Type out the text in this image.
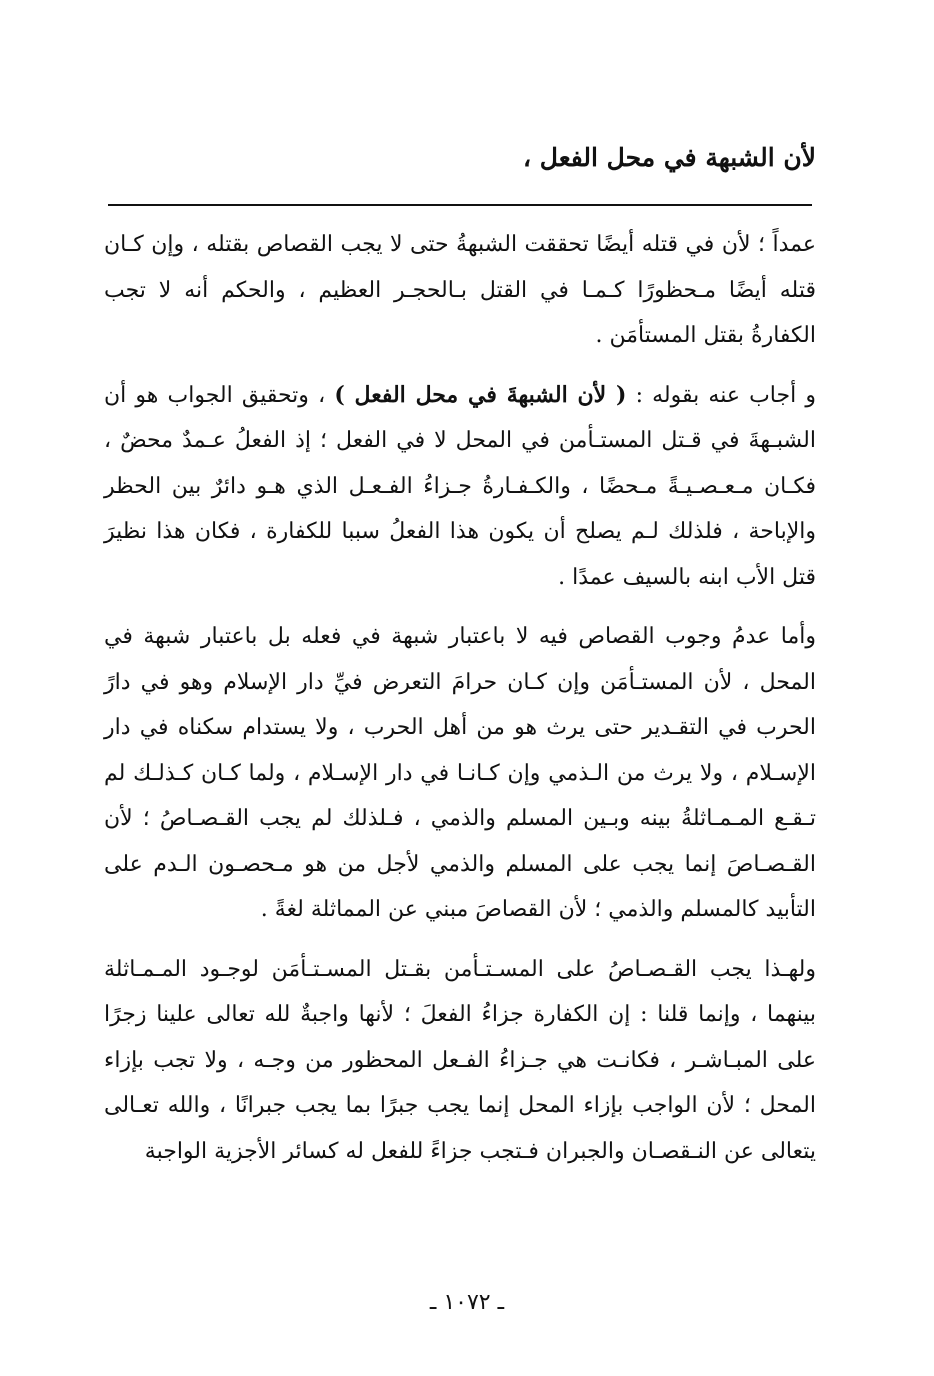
لأن الشبهة في محل الفعل ،

عمداً ؛ لأن في قتله أيضًا تحققت الشبهةُ حتى لا يجب القصاص بقتله ، وإن كـان قتله أيضًا مـحظورًا كـمـا في القتل بـالحجـر العظيم ، والحكم أنه لا تجب الكفارةُ بقتل المستأمَن .

و أجاب عنه بقوله : ( لأن الشبهةَ في محل الفعل ) ، وتحقيق الجواب هو أن الشبـهةَ في قـتل المستـأمن في المحل لا في الفعل ؛ إذ الفعلُ عـمدٌ محضٌ ، فكـان مـعـصـيـةً مـحضًا ، والكـفـارةُ جـزاءُ الفـعـل الذي هـو دائرٌ بين الحظر والإباحة ، فلذلك لـم يصلح أن يكون هذا الفعلُ سببا للكفارة ، فكان هذا نظيرَ قتل الأب ابنه بالسيف عمدًا .

وأما عدمُ وجوب القصاص فيه لا باعتبار شبهة في فعله بل باعتبار شبهة في المحل ، لأن المستـأمَن وإن كـان حرامَ التعرض فيِّ دار الإسلام وهو في دارً الحرب في التقـدير حتى يرث هو من أهل الحرب ، ولا يستدام سكناه في دار الإسـلام ، ولا يرث من الـذمي وإن كـانـا في دار الإسـلام ، ولما كـان كـذلـك لم تـقـع المـمـاثلةُ بينه وبـين المسلم والذمي ، فـلذلك لم يجب القـصـاصُ ؛ لأن القـصـاصَ إنما يجب على المسلم والذمي لأجل من هو مـحصـون الـدم على التأبيد كالمسلم والذمي ؛ لأن القصاصَ مبني عن المماثلة لغةً .

ولهـذا يجب القـصـاصُ على المسـتـأمن بقـتل المسـتـأمَن لوجـود المـمـاثلة بينهما ، وإنما قلنا : إن الكفارة جزاءُ الفعلَ ؛ لأنها واجبةٌ لله تعالى علينا زجرًا على المبـاشـر ، فكانـت هي جـزاءُ الفـعل المحظور من وجـه ، ولا تجب بإزاء المحل ؛ لأن الواجب بإزاء المحل إنما يجب جبرًا بما يجب جبرانًا ، والله تعـالى يتعالى عن النـقصـان والجبران فـتجب جزاءً للفعل له كسائر الأجزية الواجبة

ـ ١٠٧٢ ـ
